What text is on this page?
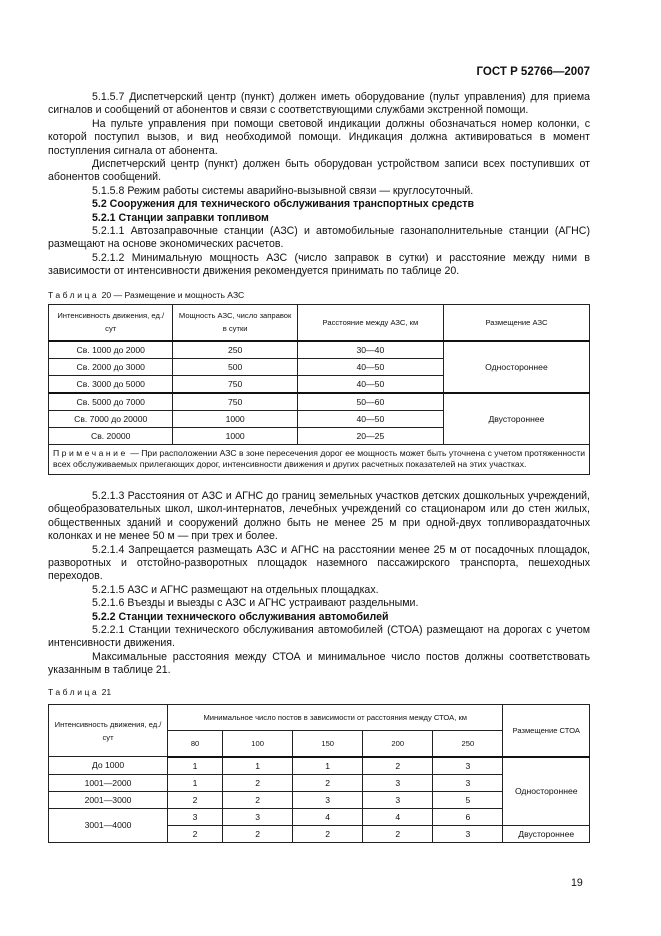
ГОСТ Р 52766—2007

5.1.5.7 Диспетчерский центр (пункт) должен иметь оборудование (пульт управления) для приема сигналов и сообщений от абонентов и связи с соответствующими службами экстренной помощи.

На пульте управления при помощи световой индикации должны обозначаться номер колонки, с которой поступил вызов, и вид необходимой помощи. Индикация должна активироваться в момент поступления сигнала от абонента.

Диспетчерский центр (пункт) должен быть оборудован устройством записи всех поступивших от абонентов сообщений.

5.1.5.8 Режим работы системы аварийно-вызывной связи — круглосуточный.

5.2 Сооружения для технического обслуживания транспортных средств

5.2.1 Станции заправки топливом

5.2.1.1 Автозаправочные станции (АЗС) и автомобильные газонаполнительные станции (АГНС) размещают на основе экономических расчетов.

5.2.1.2 Минимальную мощность АЗС (число заправок в сутки) и расстояние между ними в зависимости от интенсивности движения рекомендуется принимать по таблице 20.

Таблица 20 — Размещение и мощность АЗС
Интенсивность движения, ед./сут	Мощность АЗС, число заправок в сутки	Расстояние между АЗС, км	Размещение АЗС
Св. 1000 до 2000	250	30—40	Одностороннее
Св. 2000 до 3000	500	40—50	
Св. 3000 до 5000	750	40—50	
Св. 5000 до 7000	750	50—60	Двустороннее
Св. 7000 до 20000	1000	40—50	
Св. 20000	1000	20—25	
Примечание — При расположении АЗС в зоне пересечения дорог ее мощность может быть уточнена с учетом протяженности всех обслуживаемых прилегающих дорог, интенсивности движения и других расчетных показателей на этих участках.			

5.2.1.3 Расстояния от АЗС и АГНС до границ земельных участков детских дошкольных учреждений, общеобразовательных школ, школ-интернатов, лечебных учреждений со стационаром или до стен жилых, общественных зданий и сооружений должно быть не менее 25 м при одной-двух топливораздаточных колонках и не менее 50 м — при трех и более.

5.2.1.4 Запрещается размещать АЗС и АГНС на расстоянии менее 25 м от посадочных площадок, разворотных и отстойно-разворотных площадок наземного пассажирского транспорта, пешеходных переходов.

5.2.1.5 АЗС и АГНС размещают на отдельных площадках.

5.2.1.6 Въезды и выезды с АЗС и АГНС устраивают раздельными.

5.2.2 Станции технического обслуживания автомобилей

5.2.2.1 Станции технического обслуживания автомобилей (СТОА) размещают на дорогах с учетом интенсивности движения.

Максимальные расстояния между СТОА и минимальное число постов должны соответствовать указанным в таблице 21.

Таблица 21
Интенсивность движения, ед./сут	Минимальное число постов в зависимости от расстояния между СТОА, км					Размещение СТОА
	80	100	150	200	250	
До 1000	1	1	1	2	3	Одностороннее
1001—2000	1	2	2	3	3	
2001—3000	2	2	3	3	5	
3001—4000	3	3	4	4	6	
	2	2	2	2	3	Двустороннее
19
